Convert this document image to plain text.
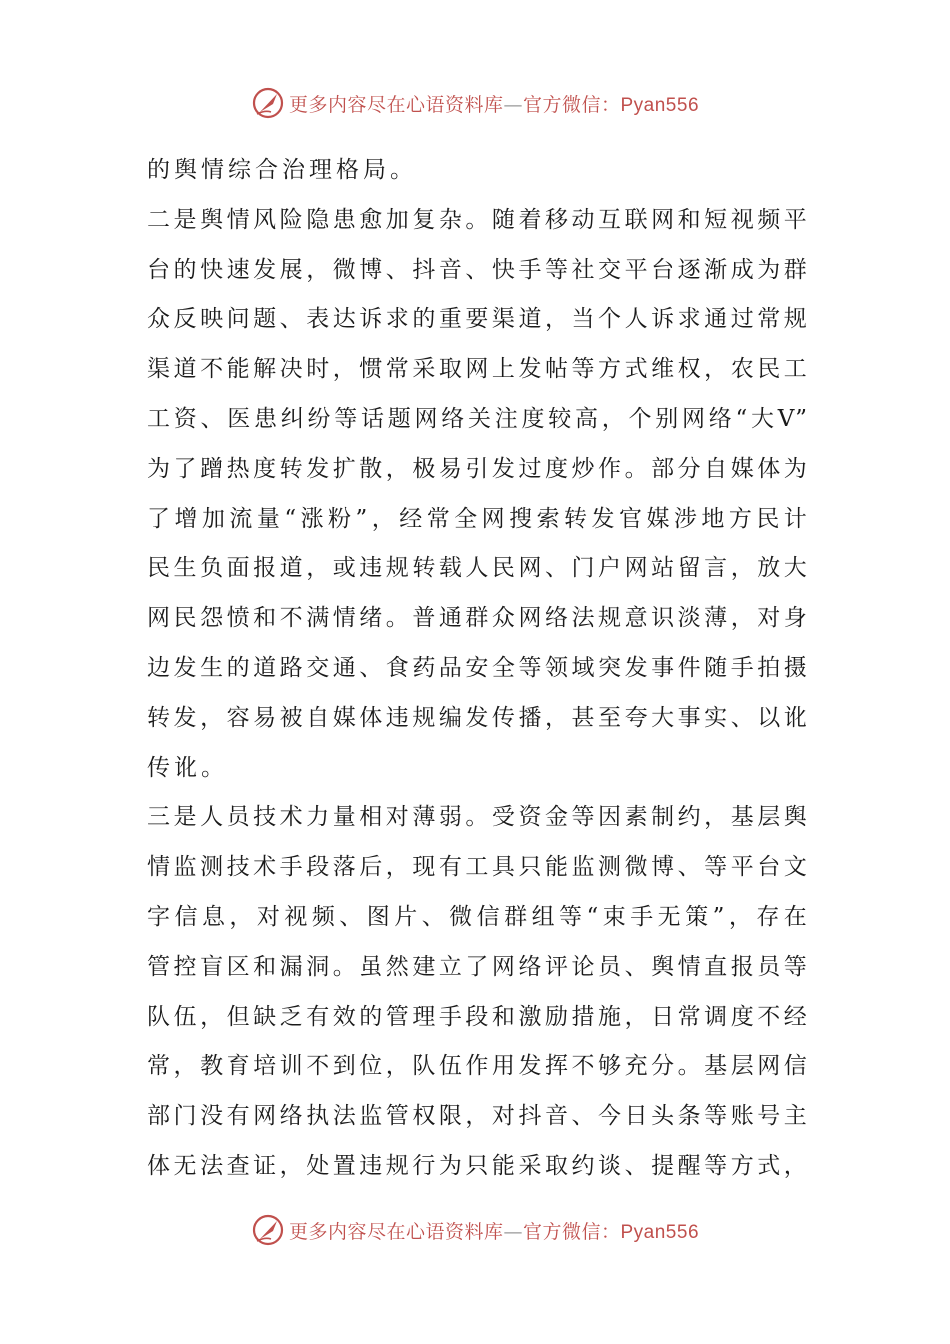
更多内容尽在心语资料库—官方微信：Pyan556
的舆情综合治理格局。
二 是 舆 情 风 险 隐 患 愈 加 复 杂 。 随 着 移 动 互 联 网 和 短 视 频 平
台 的 快 速 发 展 ， 微 博 、 抖 音 、 快 手 等 社 交 平 台 逐 渐 成 为 群
众 反 映 问 题 、 表 达 诉 求 的 重 要 渠 道 ， 当 个 人 诉 求 通 过 常 规
渠 道 不 能 解 决 时 ， 惯 常 采 取 网 上 发 帖 等 方 式 维 权 ， 农 民 工
工 资 、 医 患 纠 纷 等 话 题 网 络 关 注 度 较 高 ， 个 别 网 络 “ 大 V”
为 了 蹭 热 度 转 发 扩 散 ， 极 易 引 发 过 度 炒 作 。 部 分 自 媒 体 为
了 增 加 流 量 “ 涨 粉 ” ， 经 常 全 网 搜 索 转 发 官 媒 涉 地 方 民 计
民 生 负 面 报 道 ， 或 违 规 转 载 人 民 网 、 门 户 网 站 留 言 ， 放 大
网 民 怨 愤 和 不 满 情 绪 。 普 通 群 众 网 络 法 规 意 识 淡 薄 ， 对 身
边 发 生 的 道 路 交 通 、 食 药 品 安 全 等 领 域 突 发 事 件 随 手 拍 摄
转 发 ， 容 易 被 自 媒 体 违 规 编 发 传 播 ， 甚 至 夸 大 事 实 、 以 讹
传讹。
三 是 人 员 技 术 力 量 相 对 薄 弱 。 受 资 金 等 因 素 制 约 ， 基 层 舆
情 监 测 技 术 手 段 落 后 ， 现 有 工 具 只 能 监 测 微 博 、 等 平 台 文
字 信 息 ， 对 视 频 、 图 片 、 微 信 群 组 等 “ 束 手 无 策 ” ， 存 在
管 控 盲 区 和 漏 洞 。 虽 然 建 立 了 网 络 评 论 员 、 舆 情 直 报 员 等
队 伍 ， 但 缺 乏 有 效 的 管 理 手 段 和 激 励 措 施 ， 日 常 调 度 不 经
常 ， 教 育 培 训 不 到 位 ， 队 伍 作 用 发 挥 不 够 充 分 。 基 层 网 信
部 门 没 有 网 络 执 法 监 管 权 限 ， 对 抖 音 、 今 日 头 条 等 账 号 主
体 无 法 查 证 ， 处 置 违 规 行 为 只 能 采 取 约 谈 、 提 醒 等 方 式 ，
更多内容尽在心语资料库—官方微信：Pyan556
